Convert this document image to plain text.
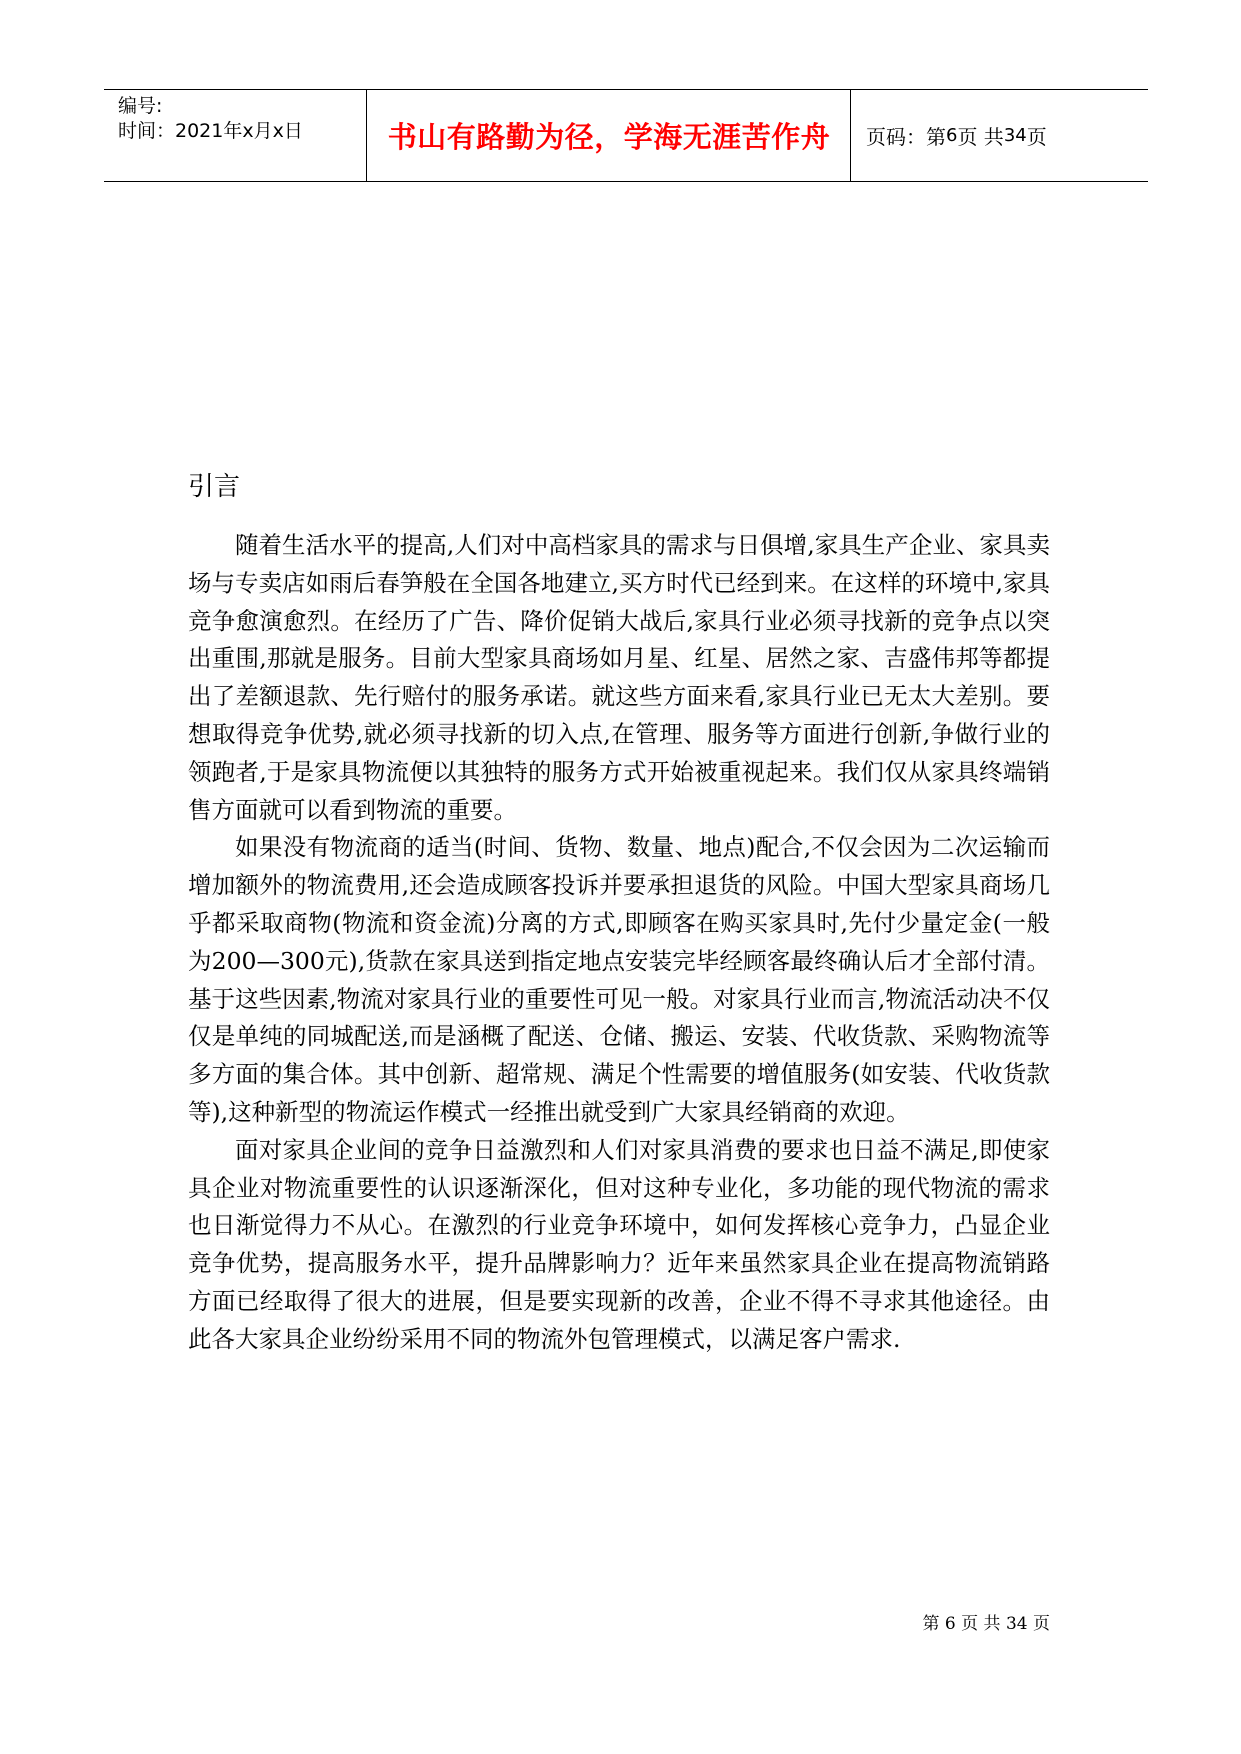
编号:
时间：2021年x月x日	书山有路勤为径，学海无涯苦作舟	页码：第 6 页 共 34 页
引言

随着生活水平的提高,人们对中高档家具的需求与日俱增,家具生产企业、家具卖场与专卖店如雨后春笋般在全国各地建立,买方时代已经到来。在这样的环境中,家具竞争愈演愈烈。在经历了广告、降价促销大战后,家具行业必须寻找新的竞争点以突出重围,那就是服务。目前大型家具商场如月星、红星、居然之家、吉盛伟邦等都提出了差额退款、先行赔付的服务承诺。就这些方面来看,家具行业已无太大差别。要想取得竞争优势,就必须寻找新的切入点,在管理、服务等方面进行创新,争做行业的领跑者,于是家具物流便以其独特的服务方式开始被重视起来。我们仅从家具终端销售方面就可以看到物流的重要。

如果没有物流商的适当(时间、货物、数量、地点)配合,不仅会因为二次运输而增加额外的物流费用,还会造成顾客投诉并要承担退货的风险。中国大型家具商场几乎都采取商物(物流和资金流)分离的方式,即顾客在购买家具时,先付少量定金(一般为200—300元),货款在家具送到指定地点安装完毕经顾客最终确认后才全部付清。基于这些因素,物流对家具行业的重要性可见一般。对家具行业而言,物流活动决不仅仅是单纯的同城配送,而是涵概了配送、仓储、搬运、安装、代收货款、采购物流等多方面的集合体。其中创新、超常规、满足个性需要的增值服务(如安装、代收货款等),这种新型的物流运作模式一经推出就受到广大家具经销商的欢迎。

面对家具企业间的竞争日益激烈和人们对家具消费的要求也日益不满足,即使家具企业对物流重要性的认识逐渐深化，但对这种专业化，多功能的现代物流的需求也日渐觉得力不从心。在激烈的行业竞争环境中，如何发挥核心竞争力，凸显企业竞争优势，提高服务水平，提升品牌影响力？近年来虽然家具企业在提高物流销路方面已经取得了很大的进展，但是要实现新的改善，企业不得不寻求其他途径。由此各大家具企业纷纷采用不同的物流外包管理模式，以满足客户需求.

第 6 页 共 34 页
